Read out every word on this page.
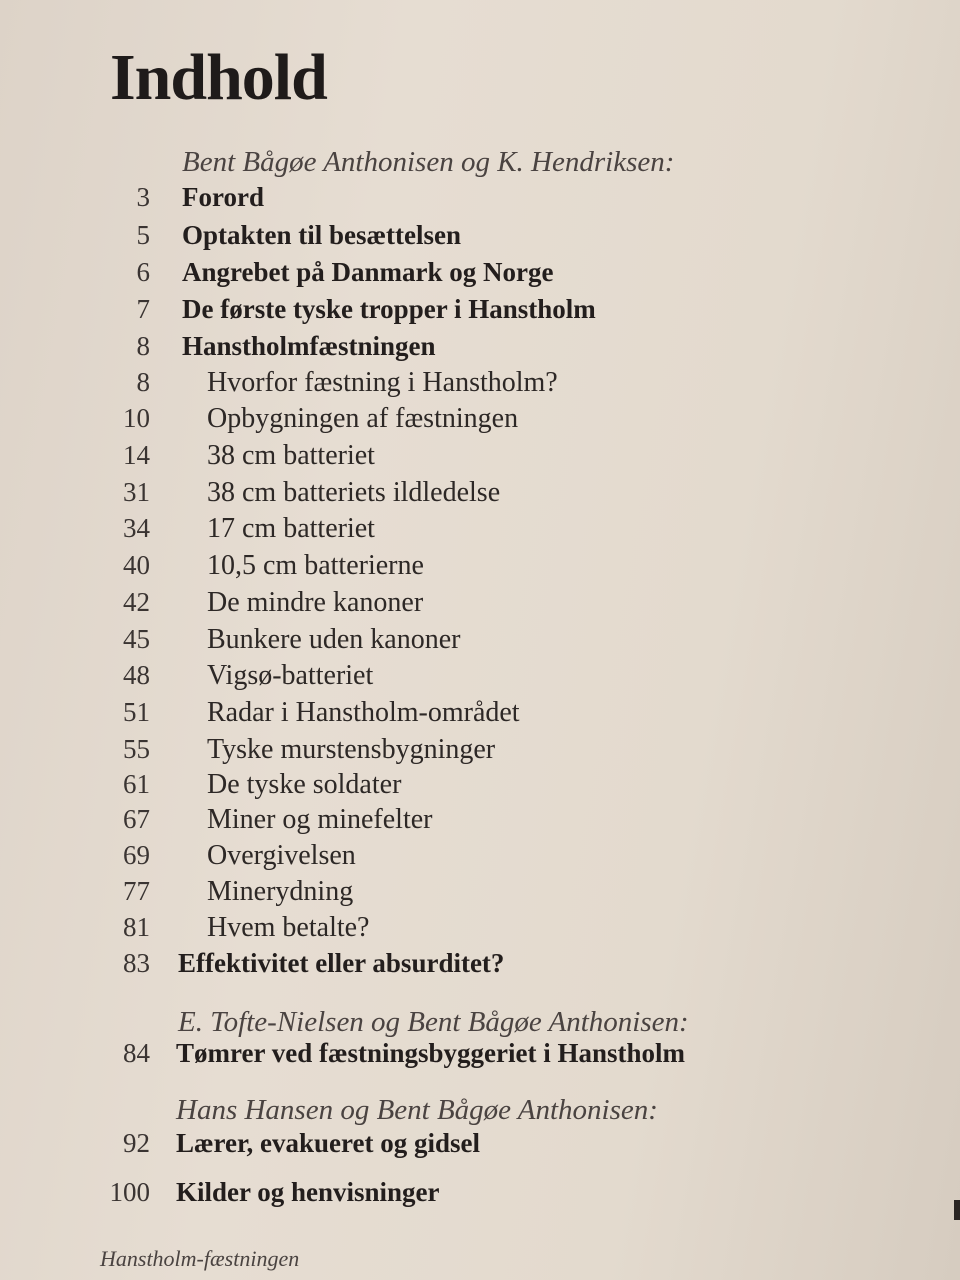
Indhold
Bent Bågøe Anthonisen og K. Hendriksen:
3 Forord
5 Optakten til besættelsen
6 Angrebet på Danmark og Norge
7 De første tyske tropper i Hanstholm
8 Hanstholmfæstningen
8 Hvorfor fæstning i Hanstholm?
10 Opbygningen af fæstningen
14 38 cm batteriet
31 38 cm batteriets ildledelse
34 17 cm batteriet
40 10,5 cm batterierne
42 De mindre kanoner
45 Bunkere uden kanoner
48 Vigsø-batteriet
51 Radar i Hanstholm-området
55 Tyske murstensbygninger
61 De tyske soldater
67 Miner og minefelter
69 Overgivelsen
77 Minerydning
81 Hvem betalte?
83 Effektivitet eller absurditet?
E. Tofte-Nielsen og Bent Bågøe Anthonisen:
84 Tømrer ved fæstningsbyggeriet i Hanstholm
Hans Hansen og Bent Bågøe Anthonisen:
92 Lærer, evakueret og gidsel
100 Kilder og henvisninger
Hanstholm-fæstningen
